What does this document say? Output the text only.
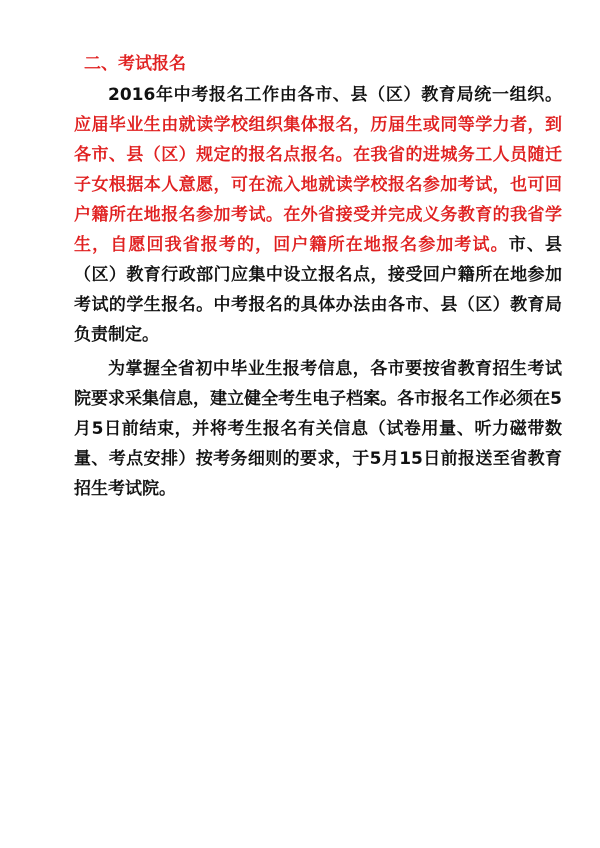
二、考试报名

2016年中考报名工作由各市、县（区）教育局统一组织。应届毕业生由就读学校组织集体报名，历届生或同等学力者，到各市、县（区）规定的报名点报名。在我省的进城务工人员随迁子女根据本人意愿，可在流入地就读学校报名参加考试，也可回户籍所在地报名参加考试。在外省接受并完成义务教育的我省学生，自愿回我省报考的，回户籍所在地报名参加考试。市、县（区）教育行政部门应集中设立报名点，接受回户籍所在地参加考试的学生报名。中考报名的具体办法由各市、县（区）教育局负责制定。

为掌握全省初中毕业生报考信息，各市要按省教育招生考试院要求采集信息，建立健全考生电子档案。各市报名工作必须在5月5日前结束，并将考生报名有关信息（试卷用量、听力磁带数量、考点安排）按考务细则的要求，于5月15日前报送至省教育招生考试院。
